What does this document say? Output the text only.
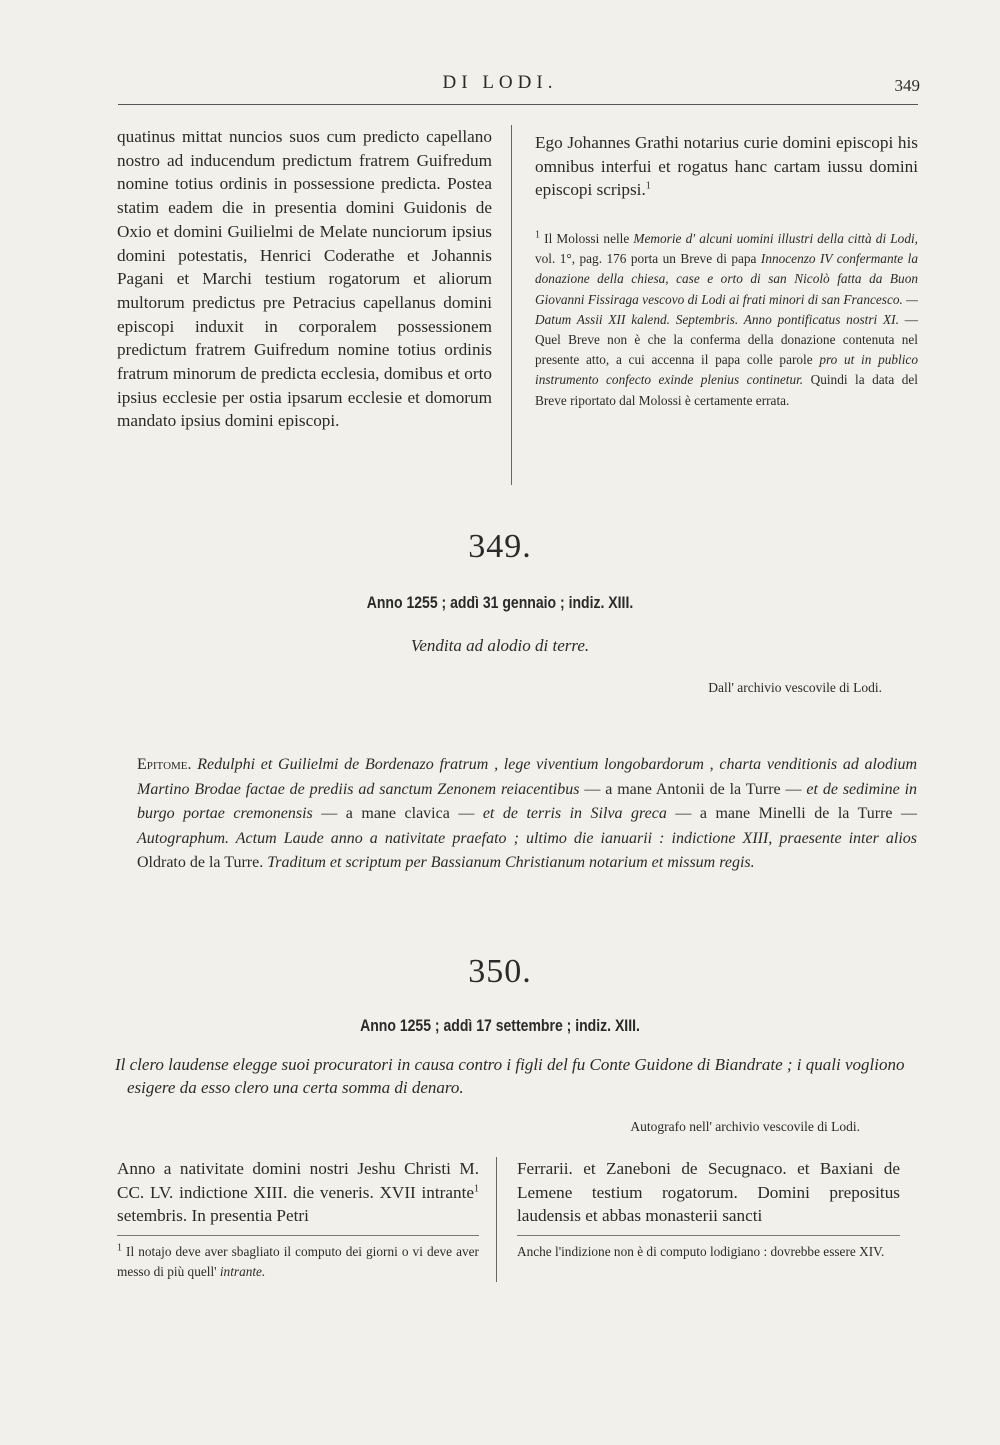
DI LODI.	349

quatinus mittat nuncios suos cum predicto capellano nostro ad inducendum predictum fratrem Guifredum nomine totius ordinis in possessione predicta. Postea statim eadem die in presentia domini Guidonis de Oxio et domini Guilielmi de Melate nunciorum ipsius domini potestatis, Henrici Coderathe et Johannis Pagani et Marchi testium rogatorum et aliorum multorum predictus pre Petracius capellanus domini episcopi induxit in corporalem possessionem predictum fratrem Guifredum nomine totius ordinis fratrum minorum de predicta ecclesia, domibus et orto ipsius ecclesie per ostia ipsarum ecclesie et domorum mandato ipsius domini episcopi.

Ego Johannes Grathi notarius curie domini episcopi his omnibus interfui et rogatus hanc cartam iussu domini episcopi scripsi.$^1$

$^1$ Il Molossi nelle Memorie d' alcuni uomini illustri della città di Lodi, vol. 1°, pag. 176 porta un Breve di papa Innocenzo IV confermante la donazione della chiesa, case e orto di san Nicolò fatta da Buon Giovanni Fissiraga vescovo di Lodi ai frati minori di san Francesco. — Datum Assii XII kalend. Septembris. Anno pontificatus nostri XI. — Quel Breve non è che la conferma della donazione contenuta nel presente atto, a cui accenna il papa colle parole pro ut in publico instrumento confecto exinde plenius continetur. Quindi la data del Breve riportato dal Molossi è certamente errata.

349.
Anno 1255 ; addì 31 gennaio ; indiz. XIII.
Vendita ad alodio di terre.
Dall' archivio vescovile di Lodi.

Epitome. Redulphi et Guilielmi de Bordenazo fratrum , lege viventium longobardorum , charta venditionis ad alodium Martino Brodae factae de prediis ad sanctum Zenonem reiacentibus — a mane Antonii de la Turre — et de sedimine in burgo portae cremonensis — a mane clavica — et de terris in Silva greca — a mane Minelli de la Turre — Autographum. Actum Laude anno a nativitate praefato ; ultimo die ianuarii : indictione XIII, praesente inter alios Oldrato de la Turre. Traditum et scriptum per Bassianum Christianum notarium et missum regis.

350.
Anno 1255 ; addì 17 settembre ; indiz. XIII.
Il clero laudense elegge suoi procuratori in causa contro i figli del fu Conte Guidone di Biandrate ; i quali vogliono esigere da esso clero una certa somma di denaro.
Autografo nell' archivio vescovile di Lodi.
Anno a nativitate domini nostri Jeshu Christi M. CC. LV. indictione XIII. die veneris. XVII intrante$^1$ setembris. In presentia Petri
Ferrarii. et Zaneboni de Secugnaco. et Baxiani de Lemene testium rogatorum. Domini prepositus laudensis et abbas monasterii sancti

$^1$ Il notajo deve aver sbagliato il computo dei giorni o vi deve aver messo di più quell' intrante.

Anche l'indizione non è di computo lodigiano : dovrebbe essere XIV.
